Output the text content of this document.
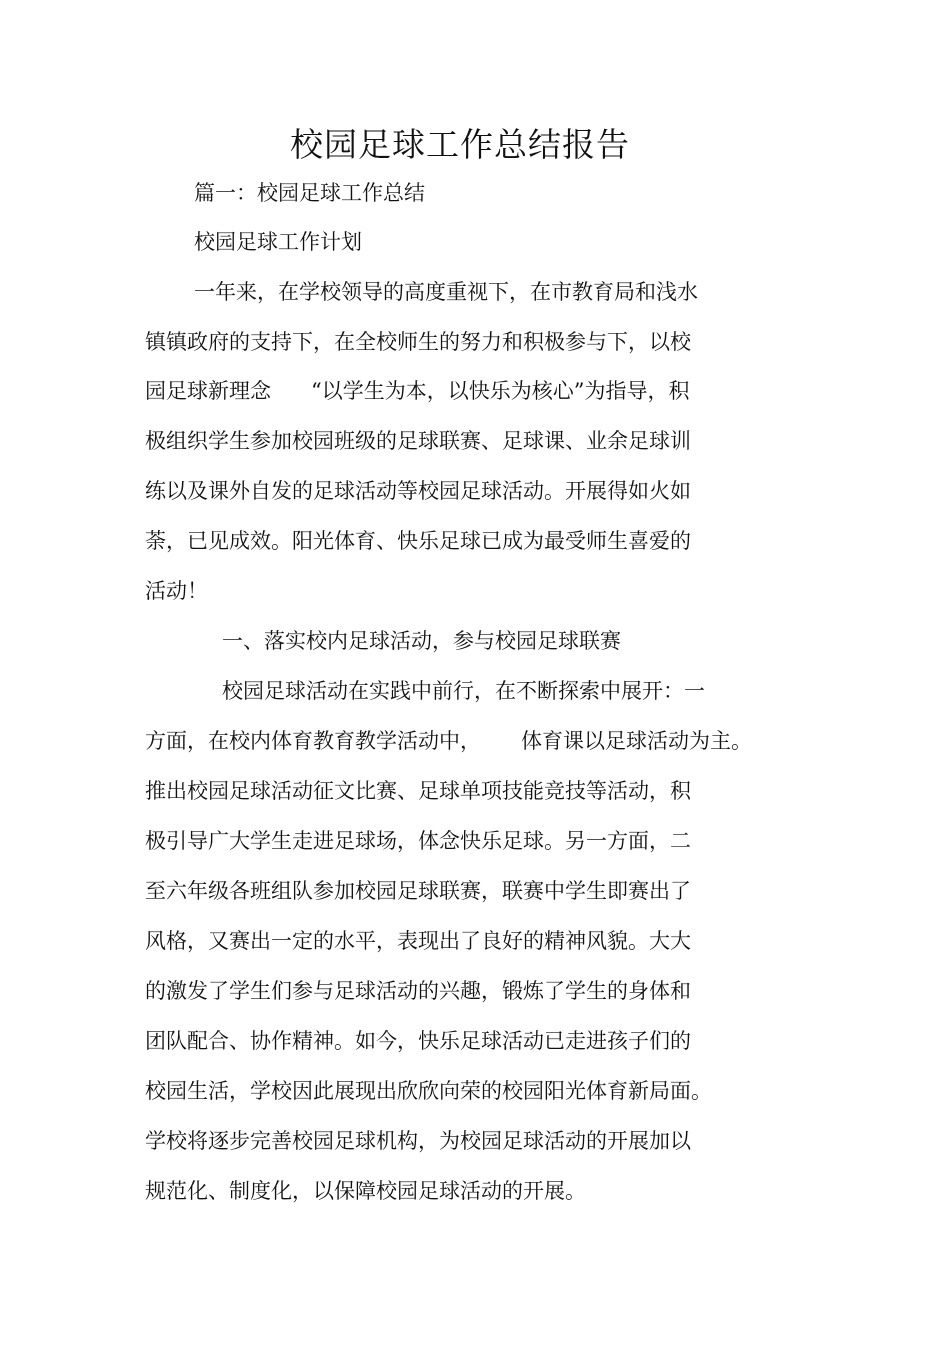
校园足球工作总结报告
篇一：校园足球工作总结
校园足球工作计划
一年来，在学校领导的高度重视下，在市教育局和浅水
镇镇政府的支持下，在全校师生的努力和积极参与下，以校
园足球新理念      “以学生为本，以快乐为核心”为指导，积
极组织学生参加校园班级的足球联赛、足球课、业余足球训
练以及课外自发的足球活动等校园足球活动。开展得如火如
荼，已见成效。阳光体育、快乐足球已成为最受师生喜爱的
活动！
一、落实校内足球活动，参与校园足球联赛
校园足球活动在实践中前行，在不断探索中展开：一
方面，在校内体育教育教学活动中，      体育课以足球活动为主。
推出校园足球活动征文比赛、足球单项技能竞技等活动，积
极引导广大学生走进足球场，体念快乐足球。另一方面，二
至六年级各班组队参加校园足球联赛，联赛中学生即赛出了
风格，又赛出一定的水平，表现出了良好的精神风貌。大大
的激发了学生们参与足球活动的兴趣，锻炼了学生的身体和
团队配合、协作精神。如今，快乐足球活动已走进孩子们的
校园生活，学校因此展现出欣欣向荣的校园阳光体育新局面。
学校将逐步完善校园足球机构，为校园足球活动的开展加以
规范化、制度化，以保障校园足球活动的开展。
